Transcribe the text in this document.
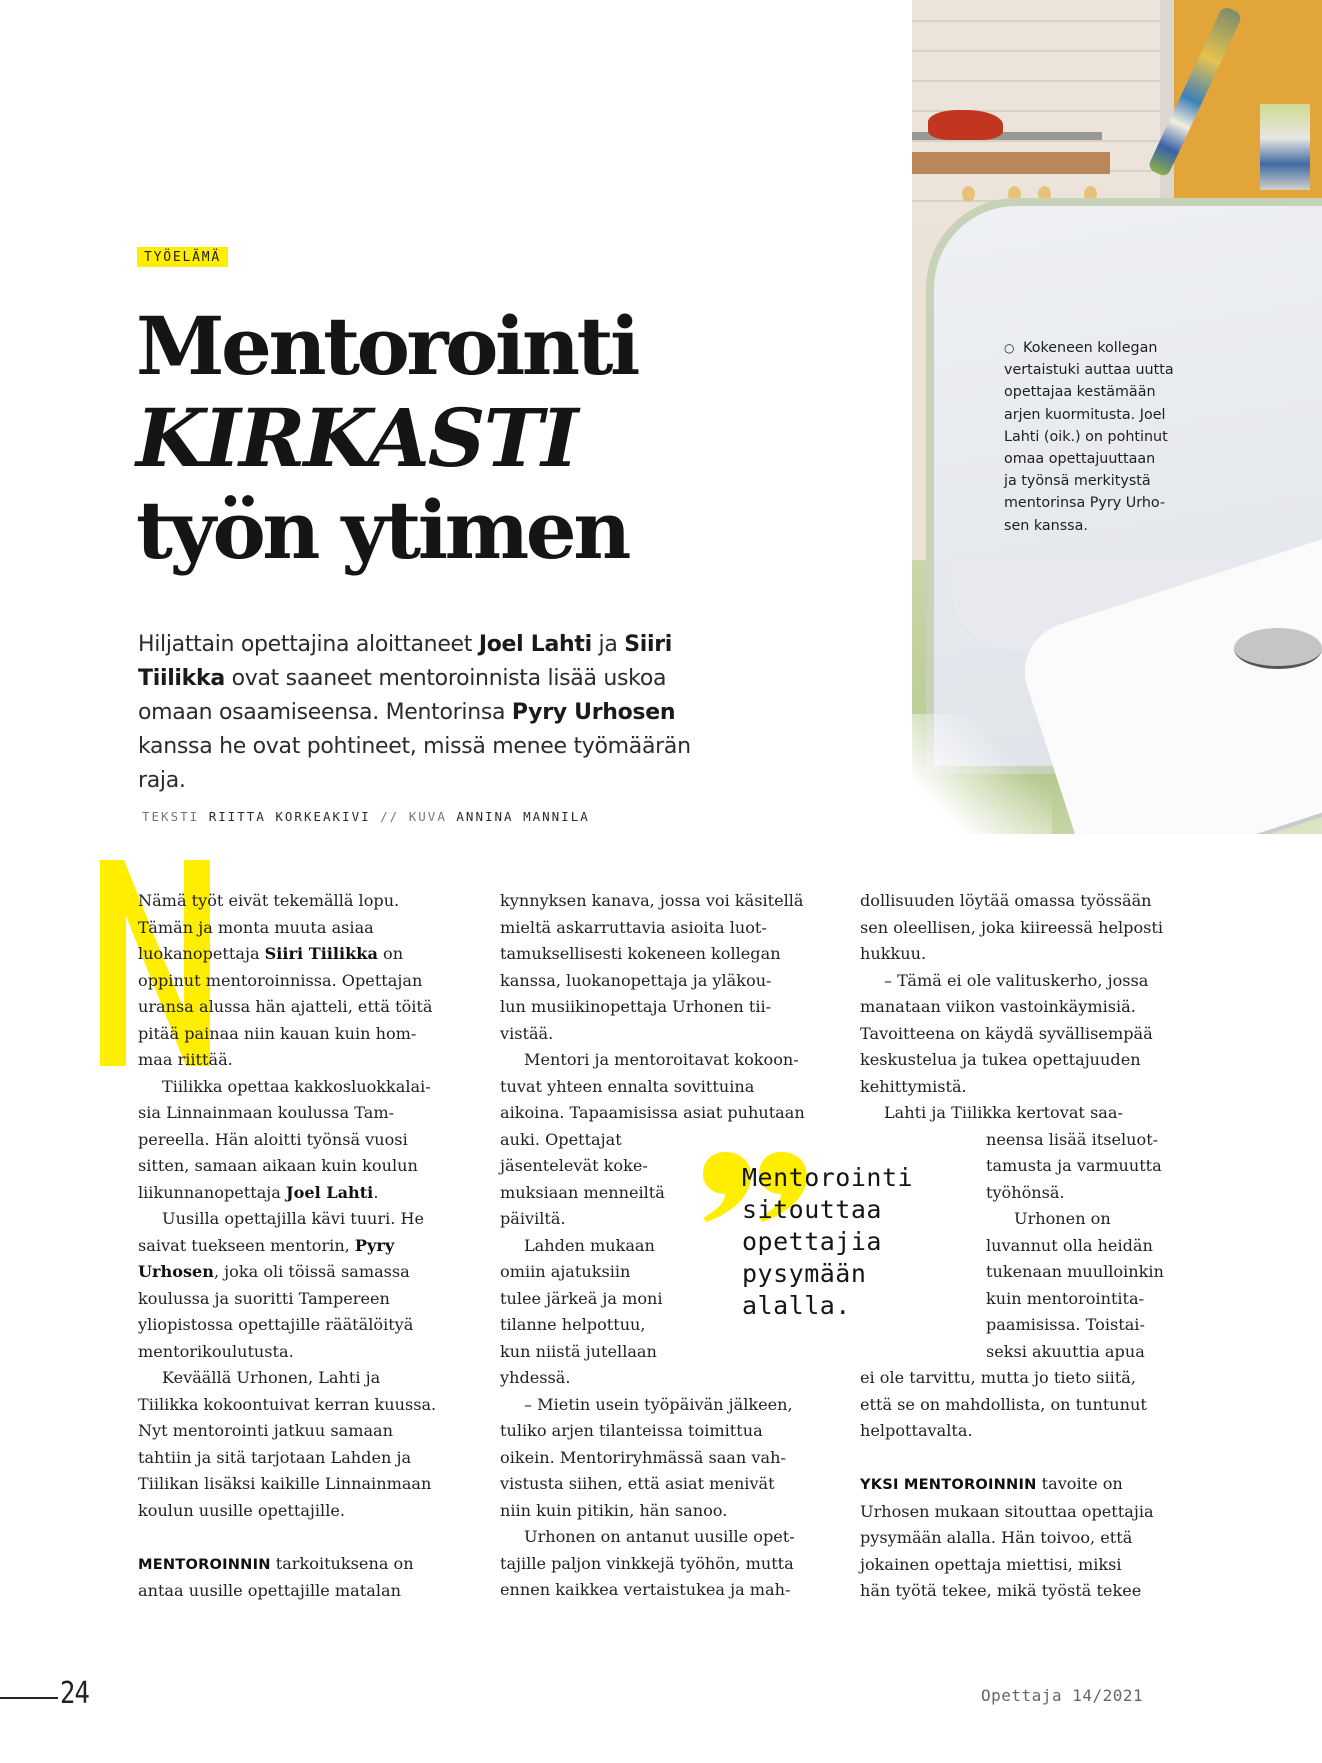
○ Kokeneen kollegan
vertaistuki auttaa uutta
opettajaa kestämään
arjen kuormitusta. Joel
Lahti (oik.) on pohtinut
omaa opettajuuttaan
ja työnsä merkitystä
mentorinsa Pyry Urho-
sen kanssa.
TYÖELÄMÄ
Mentorointi
KIRKASTI
työn ytimen

Hiljattain opettajina aloittaneet Joel Lahti ja Siiri Tiilikka ovat saaneet mentoroinnista lisää uskoa omaan osaamiseensa. Mentorinsa Pyry Urhosen kanssa he ovat pohtineet, missä menee työmäärän raja.

TEKSTI RIITTA KORKEAKIVI // KUVA ANNINA MANNILA

Nämä työt eivät tekemällä lopu.
Tämän ja monta muuta asiaa
luokanopettaja Siiri Tiilikka on
oppinut mentoroinnissa. Opettajan
uransa alussa hän ajatteli, että töitä
pitää painaa niin kauan kuin hom-
maa riittää.

Tiilikka opettaa kakkosluokkalai-
sia Linnainmaan koulussa Tam-
pereella. Hän aloitti työnsä vuosi
sitten, samaan aikaan kuin koulun
liikunnanopettaja Joel Lahti.

Uusilla opettajilla kävi tuuri. He
saivat tuekseen mentorin, Pyry
Urhosen, joka oli töissä samassa
koulussa ja suoritti Tampereen
yliopistossa opettajille räätälöityä
mentorikoulutusta.

Keväällä Urhonen, Lahti ja
Tiilikka kokoontuivat kerran kuussa.
Nyt mentorointi jatkuu samaan
tahtiin ja sitä tarjotaan Lahden ja
Tiilikan lisäksi kaikille Linnainmaan
koulun uusille opettajille.

MENTOROINNIN tarkoituksena on
antaa uusille opettajille matalan

kynnyksen kanava, jossa voi käsitellä
mieltä askarruttavia asioita luot-
tamuksellisesti kokeneen kollegan
kanssa, luokanopettaja ja yläkou-
lun musiikinopettaja Urhonen tii-
vistää.

Mentori ja mentoroitavat kokoon-
tuvat yhteen ennalta sovittuina
aikoina. Tapaamisissa asiat puhutaan
auki. Opettajat
jäsentelevät koke-
muksiaan menneiltä
päiviltä.

Lahden mukaan
omiin ajatuksiin
tulee järkeä ja moni
tilanne helpottuu,
kun niistä jutellaan
yhdessä.

– Mietin usein työpäivän jälkeen,
tuliko arjen tilanteissa toimittua
oikein. Mentoriryhmässä saan vah-
vistusta siihen, että asiat menivät
niin kuin pitikin, hän sanoo.

Urhonen on antanut uusille opet-
tajille paljon vinkkejä työhön, mutta
ennen kaikkea vertaistukea ja mah-

Mentorointi
sitouttaa
opettajia
pysymään
alalla.

dollisuuden löytää omassa työssään
sen oleellisen, joka kiireessä helposti
hukkuu.

– Tämä ei ole valituskerho, jossa
manataan viikon vastoinkäymisiä.
Tavoitteena on käydä syvällisempää
keskustelua ja tukea opettajuuden
kehittymistä.

Lahti ja Tiilikka kertovat saa-
neensa lisää itseluot-
tamusta ja varmuutta
työhönsä.

Urhonen on
luvannut olla heidän
tukenaan muulloinkin
kuin mentorointita-
paamisissa. Toistai-
seksi akuuttia apua
ei ole tarvittu, mutta jo tieto siitä,
että se on mahdollista, on tuntunut
helpottavalta.

YKSI MENTOROINNIN tavoite on
Urhosen mukaan sitouttaa opettajia
pysymään alalla. Hän toivoo, että
jokainen opettaja miettisi, miksi
hän työtä tekee, mikä työstä tekee

24	Opettaja 14/2021
